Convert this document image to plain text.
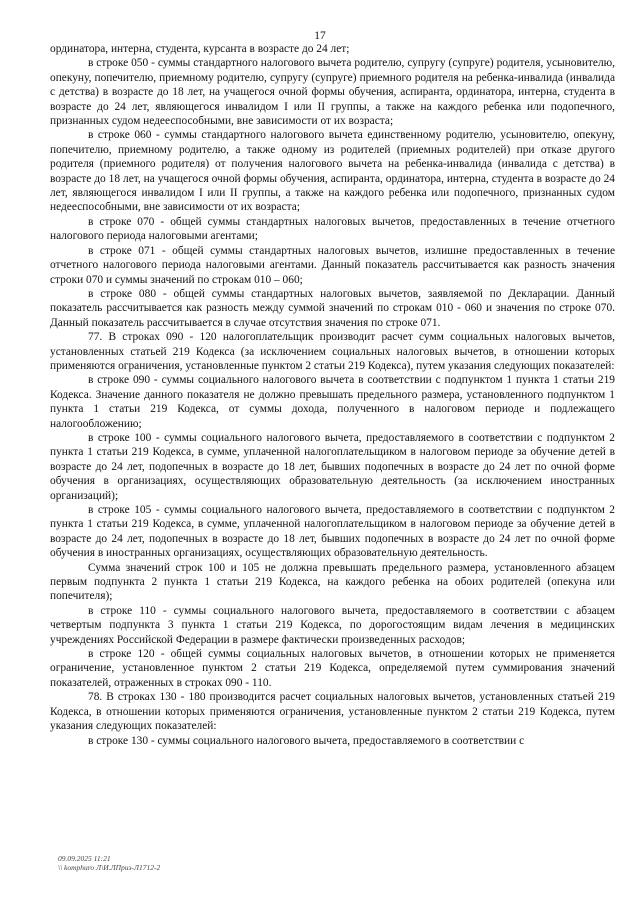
17

ординатора, интерна, студента, курсанта в возрасте до 24 лет;

в строке 050 - суммы стандартного налогового вычета родителю, супругу (супруге) родителя, усыновителю, опекуну, попечителю, приемному родителю, супругу (супруге) приемного родителя на ребенка-инвалида (инвалида с детства) в возрасте до 18 лет, на учащегося очной формы обучения, аспиранта, ординатора, интерна, студента в возрасте до 24 лет, являющегося инвалидом I или II группы, а также на каждого ребенка или подопечного, признанных судом недееспособными, вне зависимости от их возраста;

в строке 060 - суммы стандартного налогового вычета единственному родителю, усыновителю, опекуну, попечителю, приемному родителю, а также одному из родителей (приемных родителей) при отказе другого родителя (приемного родителя) от получения налогового вычета на ребенка-инвалида (инвалида с детства) в возрасте до 18 лет, на учащегося очной формы обучения, аспиранта, ординатора, интерна, студента в возрасте до 24 лет, являющегося инвалидом I или II группы, а также на каждого ребенка или подопечного, признанных судом недееспособными, вне зависимости от их возраста;

в строке 070 - общей суммы стандартных налоговых вычетов, предоставленных в течение отчетного налогового периода налоговыми агентами;

в строке 071 - общей суммы стандартных налоговых вычетов, излишне предоставленных в течение отчетного налогового периода налоговыми агентами. Данный показатель рассчитывается как разность значения строки 070 и суммы значений по строкам 010 – 060;

в строке 080 - общей суммы стандартных налоговых вычетов, заявляемой по Декларации. Данный показатель рассчитывается как разность между суммой значений по строкам 010 - 060 и значения по строке 070. Данный показатель рассчитывается в случае отсутствия значения по строке 071.

77. В строках 090 - 120 налогоплательщик производит расчет сумм социальных налоговых вычетов, установленных статьей 219 Кодекса (за исключением социальных налоговых вычетов, в отношении которых применяются ограничения, установленные пунктом 2 статьи 219 Кодекса), путем указания следующих показателей:

в строке 090 - суммы социального налогового вычета в соответствии с подпунктом 1 пункта 1 статьи 219 Кодекса. Значение данного показателя не должно превышать предельного размера, установленного подпунктом 1 пункта 1 статьи 219 Кодекса, от суммы дохода, полученного в налоговом периоде и подлежащего налогообложению;

в строке 100 - суммы социального налогового вычета, предоставляемого в соответствии с подпунктом 2 пункта 1 статьи 219 Кодекса, в сумме, уплаченной налогоплательщиком в налоговом периоде за обучение детей в возрасте до 24 лет, подопечных в возрасте до 18 лет, бывших подопечных в возрасте до 24 лет по очной форме обучения в организациях, осуществляющих образовательную деятельность (за исключением иностранных организаций);

в строке 105 - суммы социального налогового вычета, предоставляемого в соответствии с подпунктом 2 пункта 1 статьи 219 Кодекса, в сумме, уплаченной налогоплательщиком в налоговом периоде за обучение детей в возрасте до 24 лет, подопечных в возрасте до 18 лет, бывших подопечных в возрасте до 24 лет по очной форме обучения в иностранных организациях, осуществляющих образовательную деятельность.

Сумма значений строк 100 и 105 не должна превышать предельного размера, установленного абзацем первым подпункта 2 пункта 1 статьи 219 Кодекса, на каждого ребенка на обоих родителей (опекуна или попечителя);

в строке 110 - суммы социального налогового вычета, предоставляемого в соответствии с абзацем четвертым подпункта 3 пункта 1 статьи 219 Кодекса, по дорогостоящим видам лечения в медицинских учреждениях Российской Федерации в размере фактически произведенных расходов;

в строке 120 - общей суммы социальных налоговых вычетов, в отношении которых не применяется ограничение, установленное пунктом 2 статьи 219 Кодекса, определяемой путем суммирования значений показателей, отраженных в строках 090 - 110.

78. В строках 130 - 180 производится расчет социальных налоговых вычетов, установленных статьей 219 Кодекса, в отношении которых применяются ограничения, установленные пунктом 2 статьи 219 Кодекса, путем указания следующих показателей:

в строке 130 - суммы социального налогового вычета, предоставляемого в соответствии с

09.09.2025 11:21
\\ komphuro Л\И.ЛПриз-Л1712-2
